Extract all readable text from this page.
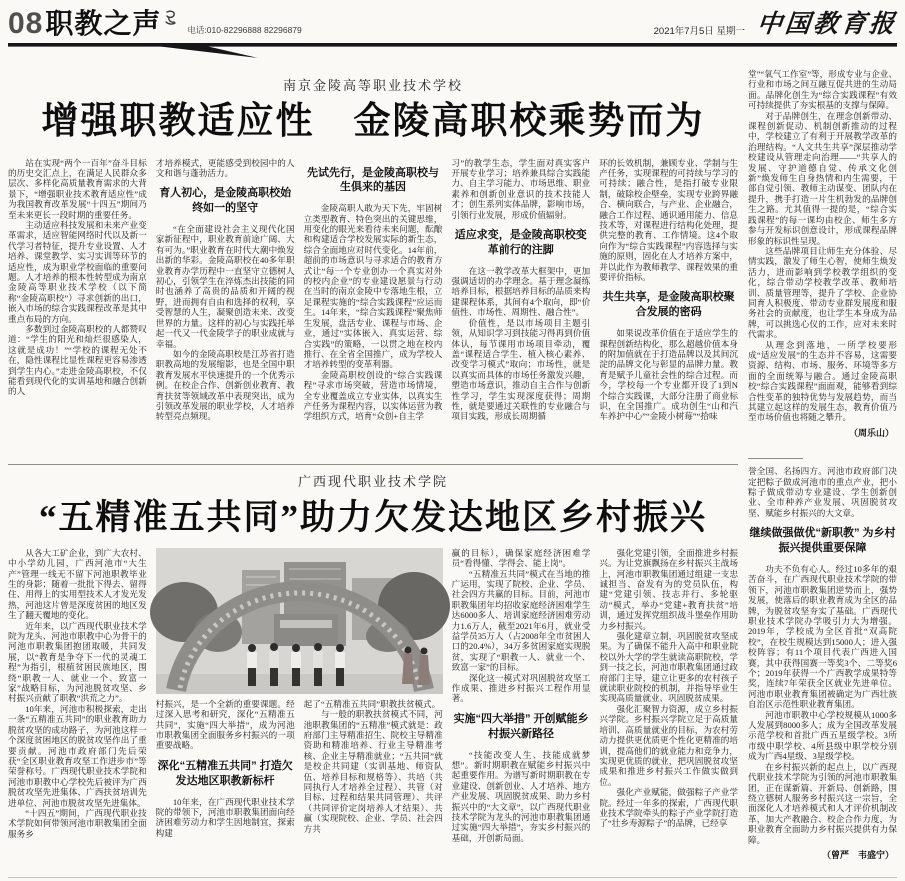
08 职教之声	电话:010-82296888 82296879	2021年7月5日 星期一 中国教育报
南京金陵高等职业技术学校
增强职教适应性　金陵高职校乘势而为

站在实现“两个一百年”奋斗目标的历史交汇点上，在满足人民群众多层次、多样化高质量教育需求的大背景下，“增强职业技术教育适应性”成为我国教育改革发展“十四五”期间乃至未来更长一段时期的重要任务。

主动适应科技发展和未来产业变革需求，适应智能网络时代以及新一代学习者特征，提升专业设置、人才培养、课堂教学、实习实训等环节的适应性，成为职业学校面临的重要问题。人才培养的根本性转型成为南京金陵高等职业技术学校（以下简称“金陵高职校”）寻求创新的出口，嵌入市场的综合实践课程改革是其中重点布局的方向。

多数到过金陵高职校的人都赞叹道：“学生的阳光和灿烂很感染人，这就是成功！”“学校的课程无处不在，隐性课程比显性课程更容易渗透到学生内心。”走进金陵高职校，不仅能看到现代化的实训基地和融合创新的人

才培养模式，更能感受到校园中的人文和谐与蓬勃活力。

育人初心，是金陵高职校始终如一的坚守

“在全面建设社会主义现代化国家新征程中，职业教育前途广阔、大有可为。”职业教育在时代大潮中焕发出新的华彩。金陵高职校在40多年职业教育办学历程中一直坚守立德树人初心，引领学生在淬炼杰出技能的同时也涵养了高贵的品质和开阔的视野，进而拥有自由和选择的权利，享受智慧的人生，凝聚创造未来、改变世界的力量。这样的初心与实践托举起一代又一代金陵学子的职业成就与幸福。

如今的金陵高职校是江苏省打造职教高地的发展缩影，也是全国中职教育发展水平快速提升的一个优秀示例。在校企合作、创新创业教育、教育扶贫等领域改革中表现突出，成为引领改革发展的职业学校，人才培养转型亮点频现。

先试先行，是金陵高职校与生俱来的基因

金陵高职人敢为天下先，牢固树立类型教育、特色突出的关键思维，用变化的眼光来看待未来问题，酝酿和构建适合学校发展实际的新生态，综合全面地应对时代变化。14年前，超前的市场意识与寻求适合的教育方式让“每一个专业创办一个真实对外的校内企业”的专业建设愿景与行动在当时的南京金陵中专落地生根，立足课程实施的“综合实践课程”应运而生。14年来，“综合实践课程”聚焦师生发展，盘活专业、课程与市场、企业，通过“实体嵌入、真实运营、综合实践”的策略，一以贯之地在校内推行、在全省全国推广，成为学校人才培养转型的变革利器。

金陵高职校创设的“综合实践课程”寻求市场突破，营造市场情境，全专业覆盖成立专业实体，以真实生产任务为课程内容，以实体运营为教学组织方式，培育“众创+自主学

习”的教学生态，学生面对真实客户开展专业学习；培养兼具综合实践能力、自主学习能力、市场思维、职业素养和创新创业意识的技术技能人才；创生系列实体品牌，影响市场，引领行业发展，形成价值辐射。

适应求变，是金陵高职校变革前行的注脚

在这一教学改革大框架中，更加强调适切的办学理念。基于理念凝练培养目标，根据培养目标的品质来构建课程体系，其间有4个取向，即“价值性、市场性、周期性、融合性”。

价值性，是以市场项目主题引领，从知识学习到技能习得再到价值体认，每节课用市场项目牵动，覆盖“课程适合学生、植入核心素养、改变学习模式”取向；市场性，就是以真实而具体的市场任务激发兴趣，塑造市场意识，推动自主合作与创新性学习，学生实现深度获得；周期性，就是要通过关联性的专业融合与项目实践，形成长周期循

环的长效机制，兼顾专业、学制与生产任务，实现课程的可持续与学习的可持续；融合性，是指打破专业限制，破除校企壁垒，实现专业跨界融合、横向联合，与产业、企业融合，融合工作过程、通识通用能力、信息技术等，对课程进行结构化处理，提供完整的教育、工作情境。这4个取向作为“综合实践课程”内容选择与实施的原则，固化在人才培养方案中，并以此作为教师教学、课程效果的重要评价指标。

共生共享，是金陵高职校聚合发展的密码

如果说改革价值在于适应学生的课程创新结构化，那么超越价值本身的附加值就在于打造品牌以及其间沉淀的品牌文化与彰显的品牌力量。教育是赋予儿童社会性的综合过程。而今，学校每一个专业都开设了1到N个综合实践课，大部分注册了商业标识，在全国推广。成功创生“山和汽车养护中心”“金陵小树莓”“拾味

广西现代职业技术学院
“五精准五共同”助力欠发达地区乡村振兴

从各大工矿企业，到广大农村、中小学幼儿园，广西河池市“大生产”管理一线无不留下河池职教毕业生的身影；随着一批批下得去、留得住、用得上的实用型技术人才发光发热，河池这片曾是深度贫困的地区发生了翻天覆地的变化。

近年来，以广西现代职业技术学院为龙头、河池市职教中心为骨干的河池市职教集团抱团取暖，共同发展，以“教育是争夺下一代的灵魂工程”为指引，根植贫困民族地区，围绕“职教一人、就业一个、致富一家”战略目标，为河池脱贫攻坚、乡村振兴贡献了职教“洪荒之力”。

10年来，河池市积极探索，走出一条“五精准五共同”的职业教育助力脱贫攻坚的成功路子，为河池这样一个深度贫困地区的脱贫攻坚作出了重要贡献。河池市政府部门先后荣获“全区职业教育攻坚工作进步市”等荣誉称号。广西现代职业技术学院和河池市职教中心学校先后被评为广西脱贫攻坚先进集体、广西扶贫培训先进单位、河池市脱贫攻坚先进集体。

“十四五”期间，广西现代职业技术学院如何带领河池市职教集团全面服务乡

村振兴，是一个全新的重要课题。经过深入思考和研究，深化“五精准五共同”，实施“四大举措”，成为河池市职教集团全面服务乡村振兴的一项重要战略。

深化“五精准五共同” 打造欠发达地区职教新标杆

10年来，在广西现代职业技术学院的带领下，河池市职教集团面向经济困难劳动力和学生因地制宜，探索构建

起了“五精准五共同”职教扶贫模式。

与一般的职教扶贫模式不同，河池职教集团的“五精准”模式就是：政府部门主导精准招生、院校主导精准资助和精准培养、行业主导精准考核、企业主导精准就业；“五共同”就是校企共同建（实训基地、师资队伍、培养目标和规格等）、共培（共同执行人才培养全过程）、共管（对目标、过程和结果共同管理）、共评（共同评价定岗培养人才结果）、共赢（实现院校、企业、学员、社会四方共

赢的目标），确保家庭经济困难学员“看得懂、学得会、能上岗”。

“五精准五共同”模式在当地的推广运用，实现了院校、企业、学员、社会四方共赢的目标。目前，河池市职教集团年均招收家庭经济困难学生达6000多人、培训家庭经济困难劳动力1.6万人，截至2021年6月，就业受益学员35万人（占2008年全市贫困人口的20.4%），34万多贫困家庭实现脱贫，实现了“职教一人、就业一个、致富一家”的目标。

深化这一模式对巩固脱贫攻坚工作成果、推进乡村振兴工程作用显著。

实施“四大举措” 开创赋能乡村振兴新路径

“技能改变人生、技能成就梦想”。新时期职教在赋能乡村振兴中起重要作用。为谱写新时期职教在专业建设、创新创业、人才培养、地方产业发展、巩固脱贫成果、助力乡村振兴中的“大文章”，以广西现代职业技术学院为龙头的河池市职教集团通过实施“四大举措”，夯实乡村振兴的基础，开创新局面。

强化党建引领，全面推进乡村振兴。为让党旗飘扬在乡村振兴主战场上，河池市职教集团通过组建一支忠诚担当、奋发有为的党员队伍，构建“党建引领、技志并行、多轮驱动”模式，举办“党建+教育扶贫”培训，通过发挥党组织战斗堡垒作用助力乡村振兴。

强化建章立制，巩固脱贫攻坚成果。为了确保不能升入高中和职业院校以外大学的学生就读高职院校，学到一技之长，河池市职教集团通过政府部门主导，建立让更多的农村孩子就读职业院校的机制，并指导毕业生实现高质量就业、巩固脱贫成果。

强化汇聚智力资源，成立乡村振兴学院。乡村振兴学院立足于高质量培训、高质量就业的目标，为农村劳动力提供更优质更个性化更精准的培训，提高他们的就业能力和竞争力，实现更优质的就业，把巩固脱贫攻坚成果和推进乡村振兴工作做实做到位。

强化产业赋能，做强粽子产业学院。经过一年多的探索，广西现代职业技术学院牵头的粽子产业学院打造了“壮乡寿源粽子”的品牌，已经享

堂”“氧气工作室”等，形成专业与企业、行业和市场之间互融互促共进的生动局面。品牌化创生为“综合实践课程”有效可持续提供了夯实根基的支撑与保障。

对于品牌创生，在理念创新带动、课程创新促动、机制创新推动的过程中，学校建立了有利于开展教学改革的治理结构。“人文共生共享”深层推动学校建设从管理走向治理——“共享人的发展、守护道德自觉、传承文化创新”焕发师生自身热情和内生需要，干部自觉引领、教师主动谋变、团队内在提升，携手打造一片生机勃发的品牌创生之路。尤其值得一提的是，“综合实践课程”的每一课均由校企、师生多方参与开发标识创意设计，形成课程品牌形象的标识性呈现。

这些品牌项目让师生充分体验、尽情实践，激发了师生心智，使师生焕发活力，进而影响到学校教学组织的变化，综合带动学校教学改革、教师培训、质量管理等，提升了学校、企业协同育人积极度、带动专业群发展度和服务社会的贡献度，也让学生本身成为品牌，可以挑选心仪的工作，应对未来时代需求。

从理念到落地，一所学校要形成“适应发展”的生态并不容易，这需要资源、结构、市场、服务、环境等多方面的全面统筹与融合。通过金陵高职校“综合实践课程”面面观，能够看到综合性变革的独特优势与发展趋势，而当其建立起这样的发展生态，教育价值乃至市场价值也将随之攀升。

（周乐山）

誉全国、名扬四方。河池市政府部门决定把粽子做成河池市的重点产业，把小粽子做成带动专业建设、学生创新创业、全市种养产业发展、巩固脱贫攻坚、赋能乡村振兴的大文章。

继续做强做优“新职教” 为乡村振兴提供重要保障

功夫不负有心人。经过10多年的艰苦奋斗，在广西现代职业技术学院的带领下，河池市职教集团逆势而上，强势发展，使落后的职业教育成为全区的品牌，为脱贫攻坚夯实了基础。广西现代职业技术学院办学吸引力大为增强。2019年，学校成为全区首批“双高院校”，在校生规模达到15000人；进入强校阵容；有11个项目代表广西进入国赛，其中获得国赛一等奖3个、二等奖6个；2019年获得一个广西教学成果特等奖，连续7年荣获全区就业先进单位。河池市职业教育集团被确定为广西壮族自治区示范性职业教育集团。

河池市职教中心学校规模从1000多人发展到8000多人；成为全国改革发展示范学校和首批广西五星级学校。3所市级中职学校、4所县级中职学校分别成为广西4星级、3星级学校。

在乡村振兴新的起点上，以广西现代职业技术学院为引领的河池市职教集团，正在谋新篇、开新局、创新路，围绕立德树人服务乡村振兴这一宗旨，全面深化人才培养模式和人才评价机制改革，加大产教融合、校企合作力度，为职业教育全面助力乡村振兴提供有力保障。

（曾严　韦盛宁）
